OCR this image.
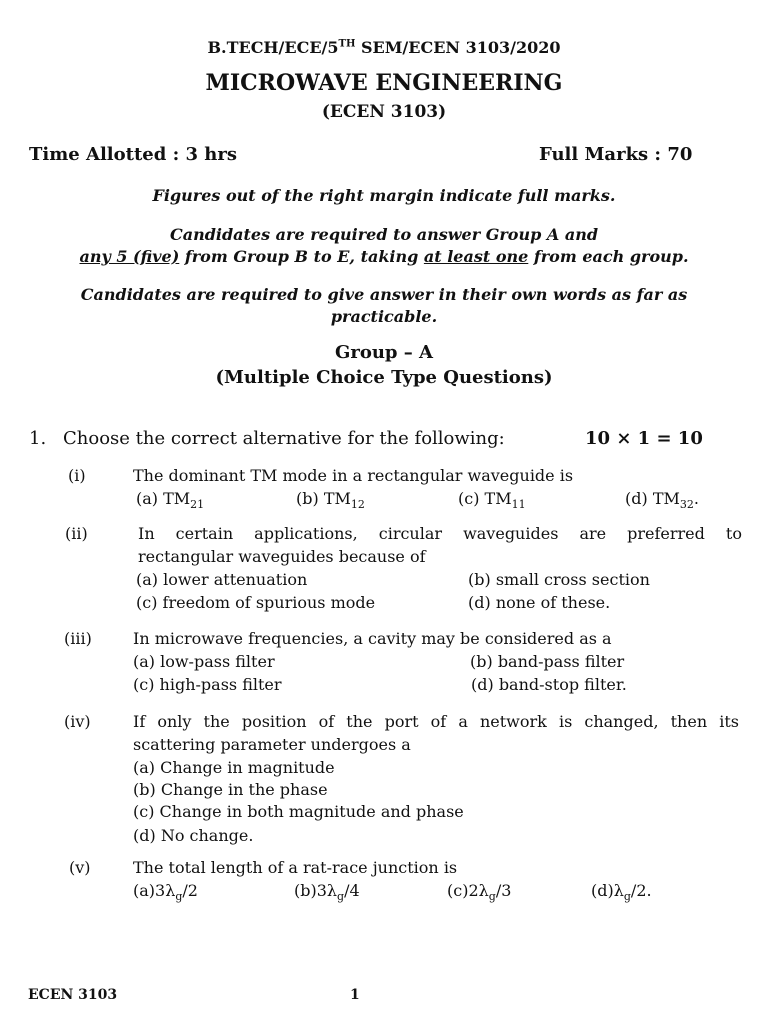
B.TECH/ECE/5TH SEM/ECEN 3103/2020
MICROWAVE ENGINEERING
(ECEN 3103)
Time Allotted : 3 hrs	Full Marks : 70
Figures out of the right margin indicate full marks.
Candidates are required to answer Group A and
any 5 (five) from Group B to E, taking at least one from each group.
Candidates are required to give answer in their own words as far as
practicable.
Group – A
(Multiple Choice Type Questions)
1. Choose the correct alternative for the following:	10 × 1 = 10
(i)	The dominant TM mode in a rectangular waveguide is
(a) $TM_{21}$	(b) $TM_{12}$	(c) $TM_{11}$	(d) $TM_{32}$.
(ii)	In certain applications, circular waveguides are preferred to
rectangular waveguides because of
(a) lower attenuation	(b) small cross section
(c) freedom of spurious mode	(d) none of these.
(iii)	In microwave frequencies, a cavity may be considered as a
(a) low-pass filter	(b) band-pass filter
(c) high-pass filter	(d) band-stop filter.
(iv)	If only the position of the port of a network is changed, then its
scattering parameter undergoes a
(a) Change in magnitude
(b) Change in the phase
(c) Change in both magnitude and phase
(d) No change.
(v)	The total length of a rat-race junction is
$(a)3\lambda_g/2$	$(b)3\lambda_g/4$	$(c)2\lambda_g/3$	$(d)\lambda_g/2$.
ECEN 3103	1
